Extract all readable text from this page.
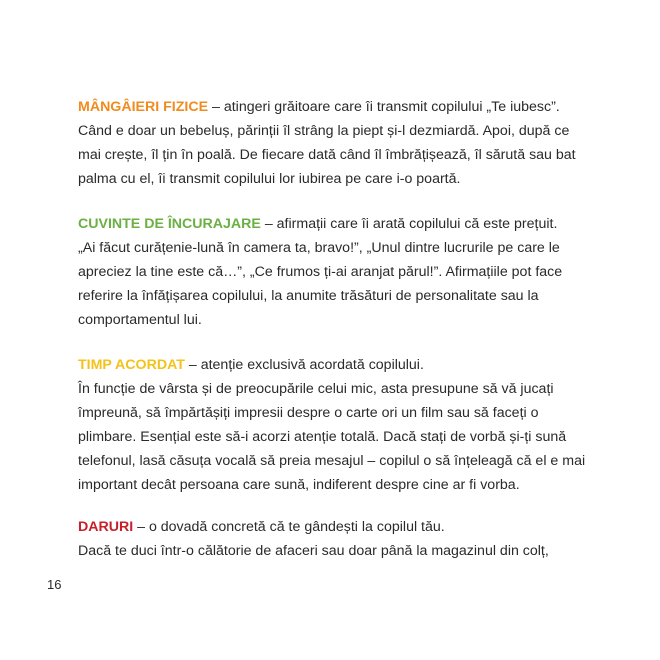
MÂNGÂIERI FIZICE – atingeri grăitoare care îi transmit copilului „Te iubesc”.
Când e doar un bebeluș, părinții îl strâng la piept și-l dezmiardă. Apoi, după ce
mai crește, îl țin în poală. De fiecare dată când îl îmbrățișează, îl sărută sau bat
palma cu el, îi transmit copilului lor iubirea pe care i-o poartă.
CUVINTE DE ÎNCURAJARE – afirmații care îi arată copilului că este prețuit.
„Ai făcut curățenie-lună în camera ta, bravo!”, „Unul dintre lucrurile pe care le
apreciez la tine este că…”, „Ce frumos ți-ai aranjat părul!”. Afirmațiile pot face
referire la înfățișarea copilului, la anumite trăsături de personalitate sau la
comportamentul lui.
TIMP ACORDAT – atenție exclusivă acordată copilului.
În funcție de vârsta și de preocupările celui mic, asta presupune să vă jucați
împreună, să împărtășiți impresii despre o carte ori un film sau să faceți o
plimbare. Esențial este să-i acorzi atenție totală. Dacă stați de vorbă și-ți sună
telefonul, lasă căsuța vocală să preia mesajul – copilul o să înțeleagă că el e mai
important decât persoana care sună, indiferent despre cine ar fi vorba.
DARURI – o dovadă concretă că te gândești la copilul tău.
Dacă te duci într-o călătorie de afaceri sau doar până la magazinul din colț,
16
